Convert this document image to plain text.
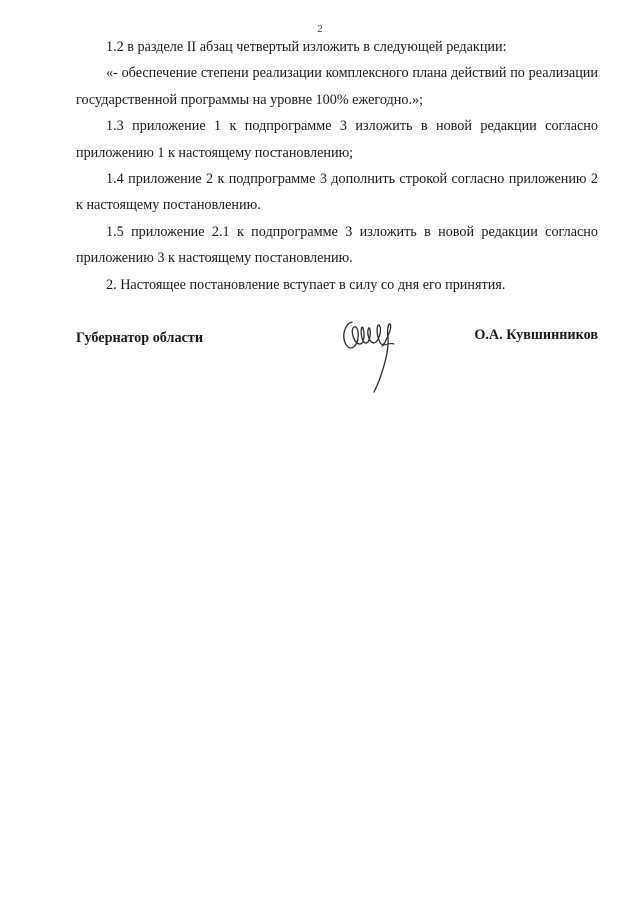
2

1.2 в разделе II абзац четвертый изложить в следующей редакции:

«- обеспечение степени реализации комплексного плана действий по реализации государственной программы на уровне 100% ежегодно.»;

1.3 приложение 1 к подпрограмме 3 изложить в новой редакции согласно приложению 1 к настоящему постановлению;

1.4 приложение 2 к подпрограмме 3 дополнить строкой согласно приложению 2 к настоящему постановлению.

1.5 приложение 2.1 к подпрограмме 3 изложить в новой редакции согласно приложению 3 к настоящему постановлению.

2. Настоящее постановление вступает в силу со дня его принятия.

Губернатор области	О.А. Кувшинников
